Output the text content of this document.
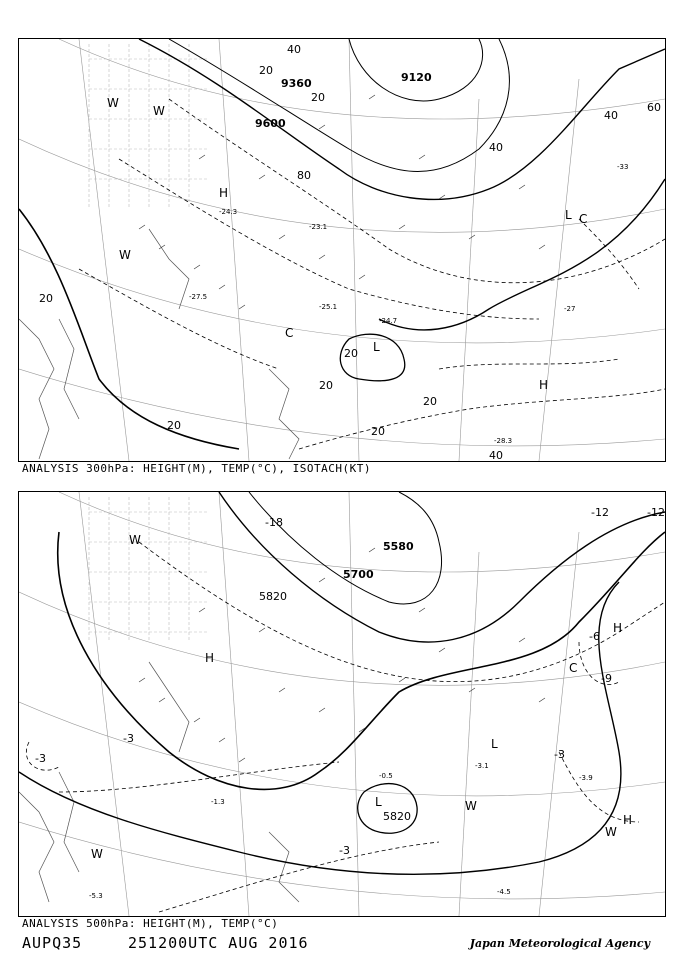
9360
9600
9120
40
20
80
40
60
40
20
20
20
20
20	20
20
40
-24.7
-25.1	-27
-28.3
-33
-27.5
-23.1
-24.3
W
W
H
W
L
C
L
H
C
ANALYSIS 300hPa: HEIGHT(M), TEMP(°C), ISOTACH(KT)
5580
5700
5820
5820
-18
-12	-12
-6
-9
-3
-3
-3
-3
-4.5
-3.1
-1.3
-5.3
-0.5	-3.9
H
H
L
C
L	W
W
W
H
W
ANALYSIS 500hPa: HEIGHT(M), TEMP(°C)
AUPQ35	251200UTC AUG 2016	Japan Meteorological Agency
